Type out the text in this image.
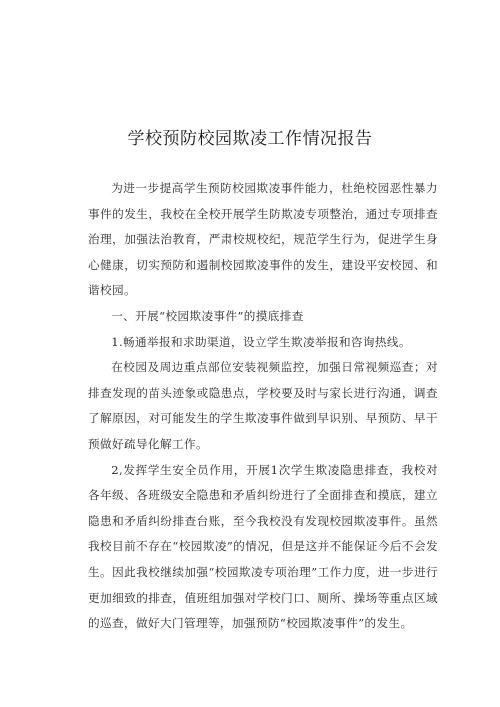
学校预防校园欺凌工作情况报告

为进一步提高学生预防校园欺凌事件能力，杜绝校园恶性暴力事件的发生，我校在全校开展学生防欺凌专项整治，通过专项排查治理，加强法治教育，严肃校规校纪，规范学生行为，促进学生身心健康，切实预防和遏制校园欺凌事件的发生，建设平安校园、和谐校园。

一、开展“校园欺凌事件”的摸底排查

1.畅通举报和求助渠道，设立学生欺凌举报和咨询热线。

在校园及周边重点部位安装视频监控，加强日常视频巡查；对排查发现的苗头迹象或隐患点，学校要及时与家长进行沟通，调查了解原因，对可能发生的学生欺凌事件做到早识别、早预防、早干预做好疏导化解工作。

2,发挥学生安全员作用，开展1次学生欺凌隐患排查，我校对各年级、各班级安全隐患和矛盾纠纷进行了全面排查和摸底，建立隐患和矛盾纠纷排查台账，至今我校没有发现校园欺凌事件。虽然我校目前不存在“校园欺凌”的情况，但是这并不能保证今后不会发生。因此我校继续加强“校园欺凌专项治理”工作力度，进一步进行更加细致的排查，值班组加强对学校门口、厕所、操场等重点区域的巡查，做好大门管理等，加强预防“校园欺凌事件”的发生。
